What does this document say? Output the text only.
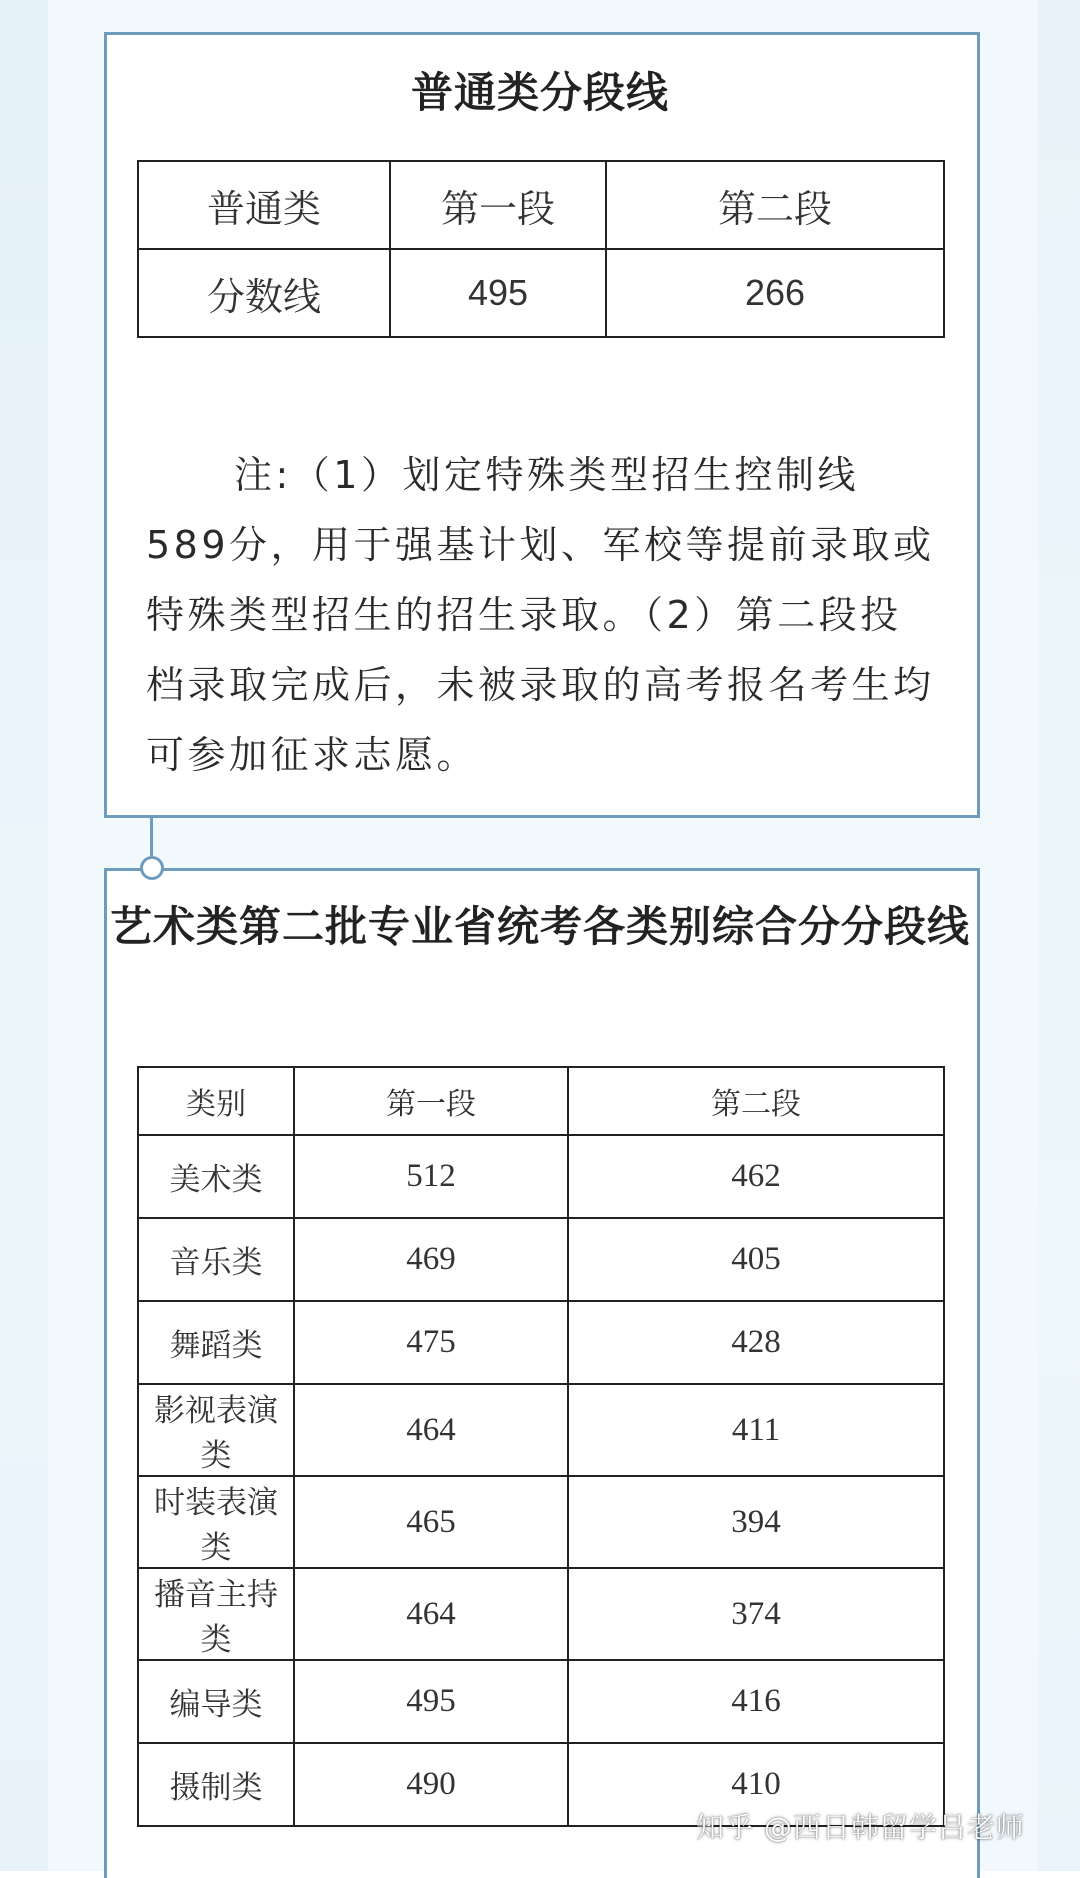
普通类分段线
普通类	第一段	第二段
分数线	495	266
注:（1）划定特殊类型招生控制线589分，用于强基计划、军校等提前录取或特殊类型招生的招生录取。（2）第二段投档录取完成后，未被录取的高考报名考生均可参加征求志愿。
艺术类第二批专业省统考各类别综合分分段线
类别	第一段	第二段
美术类	512	462
音乐类	469	405
舞蹈类	475	428
影视表演类	464	411
时装表演类	465	394
播音主持类	464	374
编导类	495	416
摄制类	490	410
知乎 @西日韩留学吕老师
